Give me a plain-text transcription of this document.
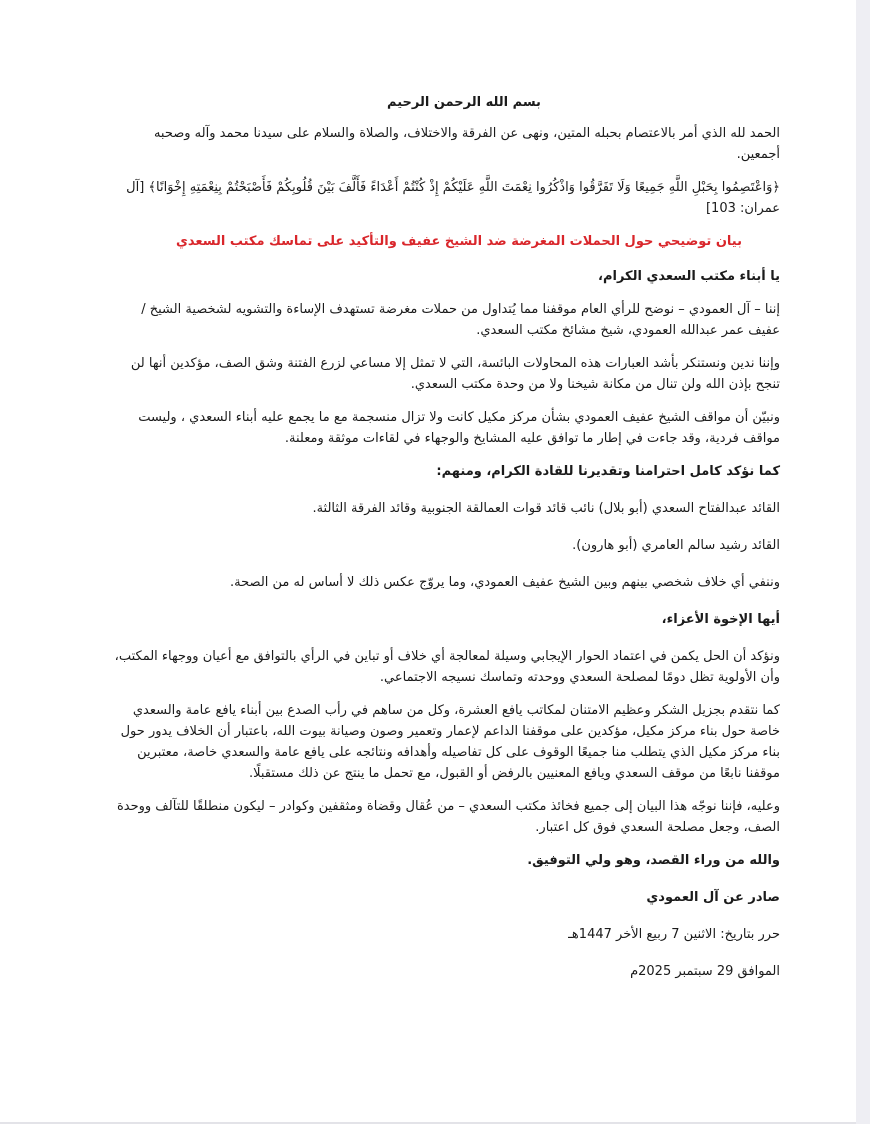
بسم الله الرحمن الرحيم

الحمد لله الذي أمر بالاعتصام بحبله المتين، ونهى عن الفرقة والاختلاف، والصلاة والسلام على سيدنا محمد وآله وصحبه أجمعين.

﴿وَاعْتَصِمُوا بِحَبْلِ اللَّهِ جَمِيعًا وَلَا تَفَرَّقُوا وَاذْكُرُوا نِعْمَتَ اللَّهِ عَلَيْكُمْ إِذْ كُنْتُمْ أَعْدَاءً فَأَلَّفَ بَيْنَ قُلُوبِكُمْ فَأَصْبَحْتُمْ بِنِعْمَتِهِ إِخْوَانًا﴾ [آل عمران: 103]

بيان توضيحي حول الحملات المغرضة ضد الشيخ عفيف والتأكيد على تماسك مكتب السعدي

يا أبناء مكتب السعدي الكرام،

إننا – آل العمودي – نوضح للرأي العام موقفنا مما يُتداول من حملات مغرضة تستهدف الإساءة والتشويه لشخصية الشيخ / عفيف عمر عبدالله العمودي، شيخ مشائخ مكتب السعدي.

وإننا ندين ونستنكر بأشد العبارات هذه المحاولات البائسة، التي لا تمثل إلا مساعي لزرع الفتنة وشق الصف، مؤكدين أنها لن تنجح بإذن الله ولن تنال من مكانة شيخنا ولا من وحدة مكتب السعدي.

ونبيّن أن مواقف الشيخ عفيف العمودي بشأن مركز مكيل كانت ولا تزال منسجمة مع ما يجمع عليه أبناء السعدي ، وليست مواقف فردية، وقد جاءت في إطار ما توافق عليه المشايخ والوجهاء في لقاءات موثقة ومعلنة.

كما نؤكد كامل احترامنا وتقديرنا للقادة الكرام، ومنهم:

القائد عبدالفتاح السعدي (أبو بلال) نائب قائد قوات العمالقة الجنوبية وقائد الفرقة الثالثة.

القائد رشيد سالم العامري (أبو هارون).

وننفي أي خلاف شخصي بينهم وبين الشيخ عفيف العمودي، وما يروّج عكس ذلك لا أساس له من الصحة.

أيها الإخوة الأعزاء،

ونؤكد أن الحل يكمن في اعتماد الحوار الإيجابي وسيلة لمعالجة أي خلاف أو تباين في الرأي بالتوافق مع أعيان ووجهاء المكتب، وأن الأولوية تظل دومًا لمصلحة السعدي ووحدته وتماسك نسيجه الاجتماعي.

كما نتقدم بجزيل الشكر وعظيم الامتنان لمكاتب يافع العشرة، وكل من ساهم في رأب الصدع بين أبناء يافع عامة والسعدي خاصة حول بناء مركز مكيل، مؤكدين على موقفنا الداعم لإعمار وتعمير وصون وصيانة بيوت الله، باعتبار أن الخلاف يدور حول بناء مركز مكيل الذي يتطلب منا جميعًا الوقوف على كل تفاصيله وأهدافه ونتائجه على يافع عامة والسعدي خاصة، معتبرين موقفنا نابعًا من موقف السعدي ويافع المعنيين بالرفض أو القبول، مع تحمل ما ينتج عن ذلك مستقبلًا.

وعليه، فإننا نوجّه هذا البيان إلى جميع فخائذ مكتب السعدي – من عُقال وقضاة ومثقفين وكوادر – ليكون منطلقًا للتآلف ووحدة الصف، وجعل مصلحة السعدي فوق كل اعتبار.

والله من وراء القصد، وهو ولي التوفيق.

صادر عن آل العمودي

حرر بتاريخ: الاثنين 7 ربيع الأخر 1447هـ

الموافق 29 سبتمبر 2025م
